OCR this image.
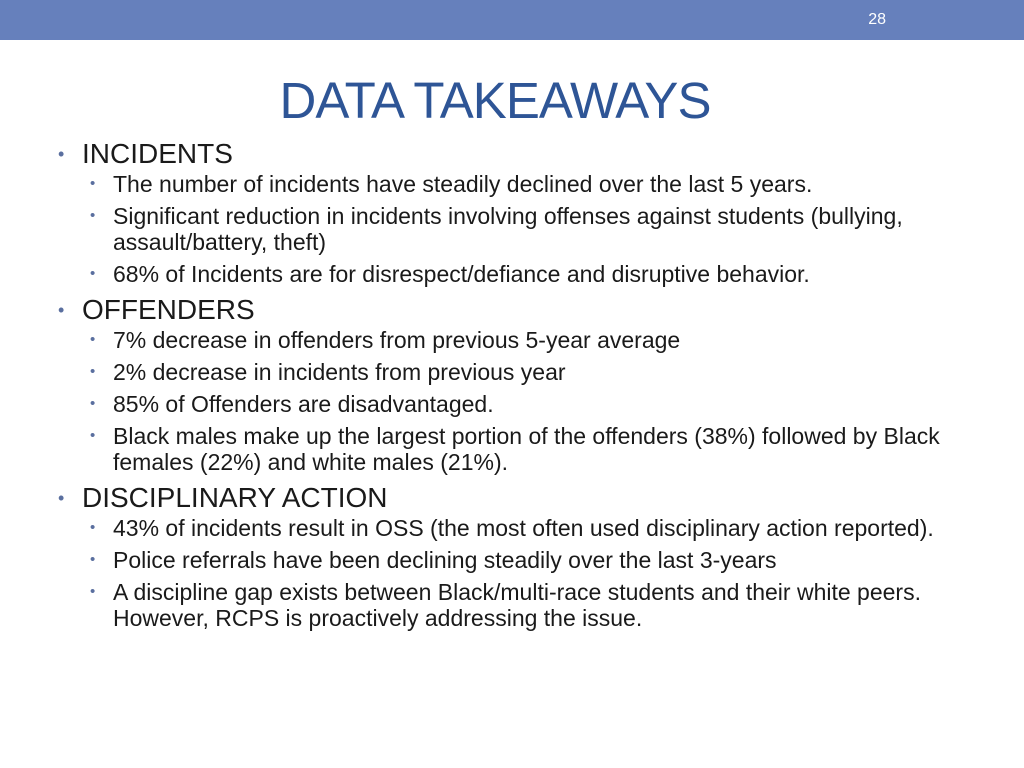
28
DATA TAKEAWAYS
• INCIDENTS
• The number of incidents have steadily declined over the last 5 years.
• Significant reduction in incidents involving offenses against students (bullying, assault/battery, theft)
• 68% of Incidents are for disrespect/defiance and disruptive behavior.
• OFFENDERS
• 7% decrease in offenders from previous 5-year average
• 2% decrease in incidents from previous year
• 85% of Offenders are disadvantaged.
• Black males make up the largest portion of the offenders (38%) followed by Black females (22%) and white males (21%).
• DISCIPLINARY ACTION
• 43% of incidents result in OSS (the most often used disciplinary action reported).
• Police referrals have been declining steadily over the last 3-years
• A discipline gap exists between Black/multi-race students and their white peers. However, RCPS is proactively addressing the issue.
